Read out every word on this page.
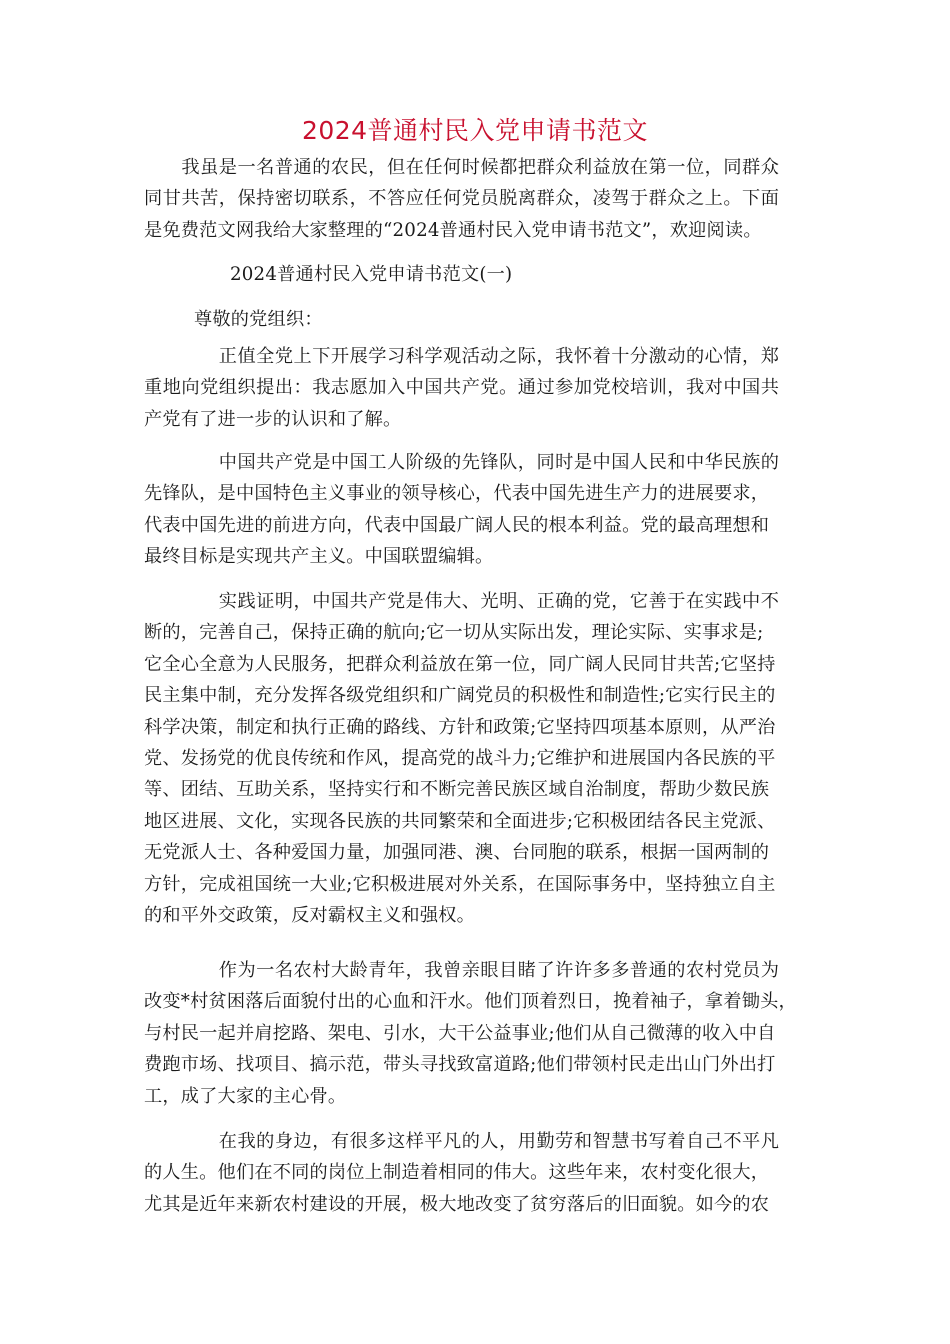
2024普通村民入党申请书范文
　　我虽是一名普通的农民，但在任何时候都把群众利益放在第一位，同群众
同甘共苦，保持密切联系，不答应任何党员脱离群众，凌驾于群众之上。下面
是免费范文网我给大家整理的“2024普通村民入党申请书范文”，欢迎阅读。
2024普通村民入党申请书范文(一)
尊敬的党组织：
　　　　正值全党上下开展学习科学观活动之际，我怀着十分激动的心情，郑
重地向党组织提出：我志愿加入中国共产党。通过参加党校培训，我对中国共
产党有了进一步的认识和了解。
　　　　中国共产党是中国工人阶级的先锋队，同时是中国人民和中华民族的
先锋队，是中国特色主义事业的领导核心，代表中国先进生产力的进展要求，
代表中国先进的前进方向，代表中国最广阔人民的根本利益。党的最高理想和
最终目标是实现共产主义。中国联盟编辑。
　　　　实践证明，中国共产党是伟大、光明、正确的党，它善于在实践中不
断的，完善自己，保持正确的航向;它一切从实际出发，理论实际、实事求是;
它全心全意为人民服务，把群众利益放在第一位，同广阔人民同甘共苦;它坚持
民主集中制，充分发挥各级党组织和广阔党员的积极性和制造性;它实行民主的
科学决策，制定和执行正确的路线、方针和政策;它坚持四项基本原则，从严治
党、发扬党的优良传统和作风，提高党的战斗力;它维护和进展国内各民族的平
等、团结、互助关系，坚持实行和不断完善民族区域自治制度，帮助少数民族
地区进展、文化，实现各民族的共同繁荣和全面进步;它积极团结各民主党派、
无党派人士、各种爱国力量，加强同港、澳、台同胞的联系，根据一国两制的
方针，完成祖国统一大业;它积极进展对外关系，在国际事务中，坚持独立自主
的和平外交政策，反对霸权主义和强权。
　　　　作为一名农村大龄青年，我曾亲眼目睹了许许多多普通的农村党员为
改变*村贫困落后面貌付出的心血和汗水。他们顶着烈日，挽着袖子，拿着锄头，
与村民一起并肩挖路、架电、引水，大干公益事业;他们从自己微薄的收入中自
费跑市场、找项目、搞示范，带头寻找致富道路;他们带领村民走出山门外出打
工，成了大家的主心骨。
　　　　在我的身边，有很多这样平凡的人，用勤劳和智慧书写着自己不平凡
的人生。他们在不同的岗位上制造着相同的伟大。这些年来，农村变化很大，
尤其是近年来新农村建设的开展，极大地改变了贫穷落后的旧面貌。如今的农
